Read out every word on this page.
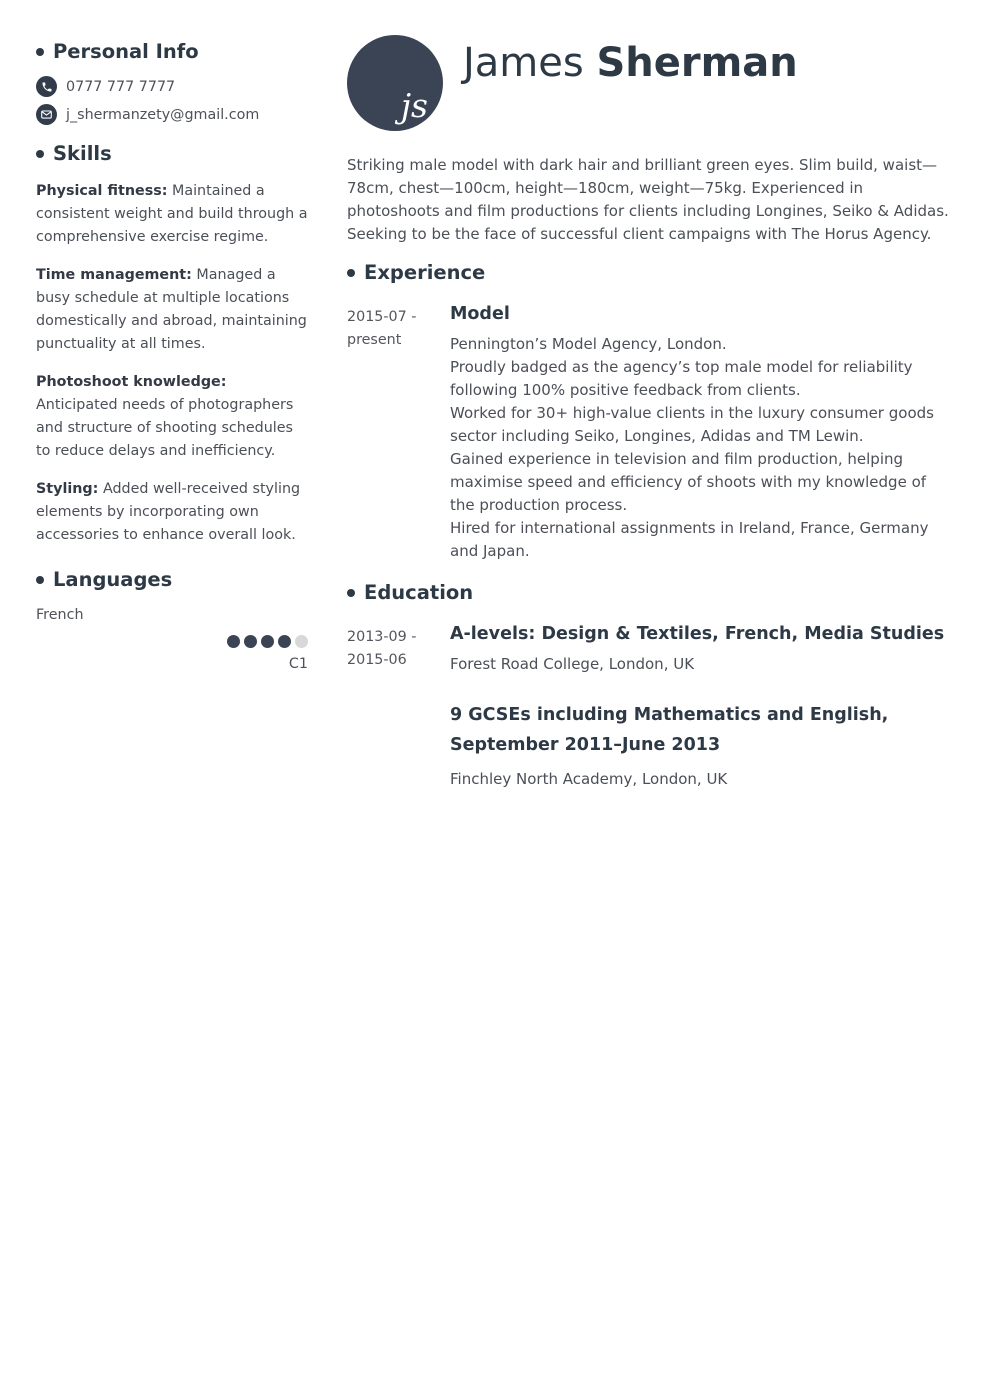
Personal Info
0777 777 7777
j_shermanzety@gmail.com
Skills
Physical fitness: Maintained a consistent weight and build through a comprehensive exercise regime.
Time management: Managed a busy schedule at multiple locations domestically and abroad, maintaining punctuality at all times.
Photoshoot knowledge: Anticipated needs of photographers and structure of shooting schedules to reduce delays and inefficiency.
Styling: Added well-received styling elements by incorporating own accessories to enhance overall look.
Languages
French
C1
js
James Sherman
Striking male model with dark hair and brilliant green eyes. Slim build, waist—78cm, chest—100cm, height—180cm, weight—75kg. Experienced in photoshoots and film productions for clients including Longines, Seiko & Adidas. Seeking to be the face of successful client campaigns with The Horus Agency.
Experience
2015-07 -
present
Model
Pennington’s Model Agency, London.
Proudly badged as the agency’s top male model for reliability following 100% positive feedback from clients.
Worked for 30+ high-value clients in the luxury consumer goods sector including Seiko, Longines, Adidas and TM Lewin.
Gained experience in television and film production, helping maximise speed and efficiency of shoots with my knowledge of the production process.
Hired for international assignments in Ireland, France, Germany and Japan.
Education
2013-09 -
2015-06
A-levels: Design & Textiles, French, Media Studies
Forest Road College, London, UK
9 GCSEs including Mathematics and English, September 2011–June 2013
Finchley North Academy, London, UK
